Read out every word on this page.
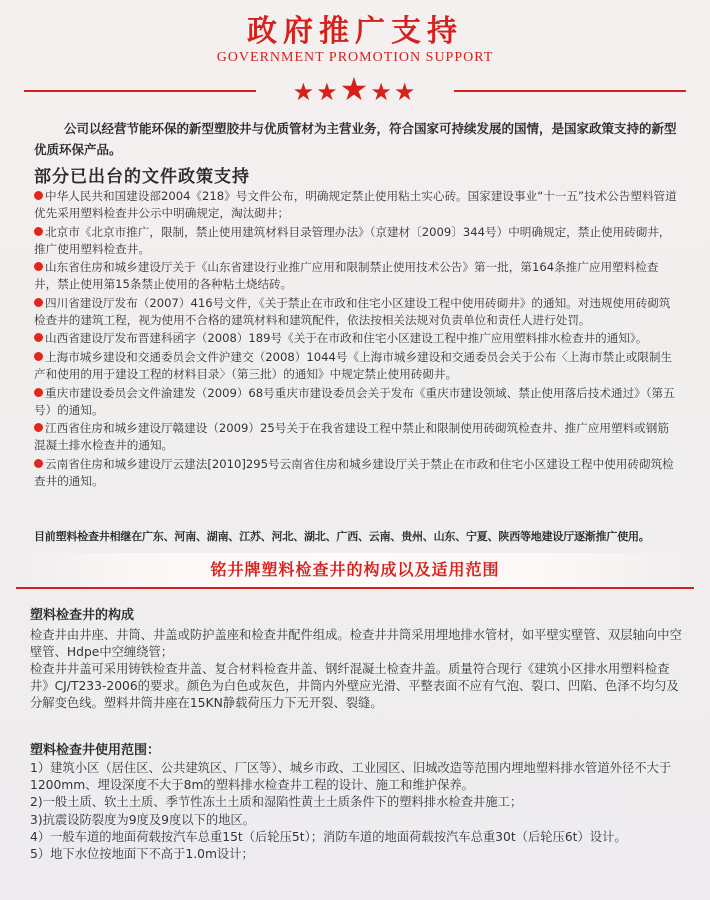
政府推广支持
GOVERNMENT PROMOTION SUPPORT
★★★★★
公司以经营节能环保的新型塑胶井与优质管材为主营业务，符合国家可持续发展的国情，是国家政策支持的新型优质环保产品。
部分已出台的文件政策支持
中华人民共和国建设部2004《218》号文件公布，明确规定禁止使用粘土实心砖。国家建设事业“十一五”技术公告塑料管道优先采用塑料检查井公示中明确规定，淘汰砌井；
北京市《北京市推广，限制，禁止使用建筑材料目录管理办法》（京建材〔2009〕344号）中明确规定，禁止使用砖砌井，推广使用塑料检查井。
山东省住房和城乡建设厅关于《山东省建设行业推广应用和限制禁止使用技术公告》第一批，第164条推广应用塑料检查井，禁止使用第15条禁止使用的各种粘土烧结砖。
四川省建设厅发布（2007）416号文件，《关于禁止在市政和住宅小区建设工程中使用砖砌井》的通知。对违规使用砖砌筑检查井的建筑工程，视为使用不合格的建筑材料和建筑配件，依法按相关法规对负责单位和责任人进行处罚。
山西省建设厅发布晋建科函字（2008）189号《关于在市政和住宅小区建设工程中推广应用塑料排水检查井的通知》。
上海市城乡建设和交通委员会文件沪建交（2008）1044号《上海市城乡建设和交通委员会关于公布〈上海市禁止或限制生产和使用的用于建设工程的材料目录〉（第三批）的通知》中规定禁止使用砖砌井。
重庆市建设委员会文件渝建发（2009）68号重庆市建设委员会关于发布《重庆市建设领域、禁止使用落后技术通过》（第五号）的通知。
江西省住房和城乡建设厅赣建设（2009）25号关于在我省建设工程中禁止和限制使用砖砌筑检查井、推广应用塑料或钢筋混凝土排水检查井的通知。
云南省住房和城乡建设厅云建法[2010]295号云南省住房和城乡建设厅关于禁止在市政和住宅小区建设工程中使用砖砌筑检查井的通知。
目前塑料检查井相继在广东、河南、湖南、江苏、河北、湖北、广西、云南、贵州、山东、宁夏、陕西等地建设厅逐渐推广使用。
铭井牌塑料检查井的构成以及适用范围
塑料检查井的构成

检查井由井座、井筒、井盖或防护盖座和检查井配件组成。检查井井筒采用埋地排水管材，如平壁实壁管、双层轴向中空壁管、Hdpe中空缠绕管；

检查井井盖可采用铸铁检查井盖、复合材料检查井盖、钢纤混凝土检查井盖。质量符合现行《建筑小区排水用塑料检查井》CJ/T233-2006的要求。颜色为白色或灰色，井筒内外壁应光滑、平整表面不应有气泡、裂口、凹陷、色泽不均匀及分解变色线。塑料井筒井座在15KN静载荷压力下无开裂、裂缝。

塑料检查井使用范围：
1）建筑小区（居住区、公共建筑区、厂区等）、城乡市政、工业园区、旧城改造等范围内埋地塑料排水管道外径不大于1200mm、埋设深度不大于8m的塑料排水检查井工程的设计、施工和维护保养。
2)一般土质、软土土质、季节性冻土土质和湿陷性黄土土质条件下的塑料排水检查井施工；
3)抗震设防裂度为9度及9度以下的地区。
4）一般车道的地面荷载按汽车总重15t（后轮压5t）；消防车道的地面荷载按汽车总重30t（后轮压6t）设计。
5）地下水位按地面下不高于1.0m设计；
